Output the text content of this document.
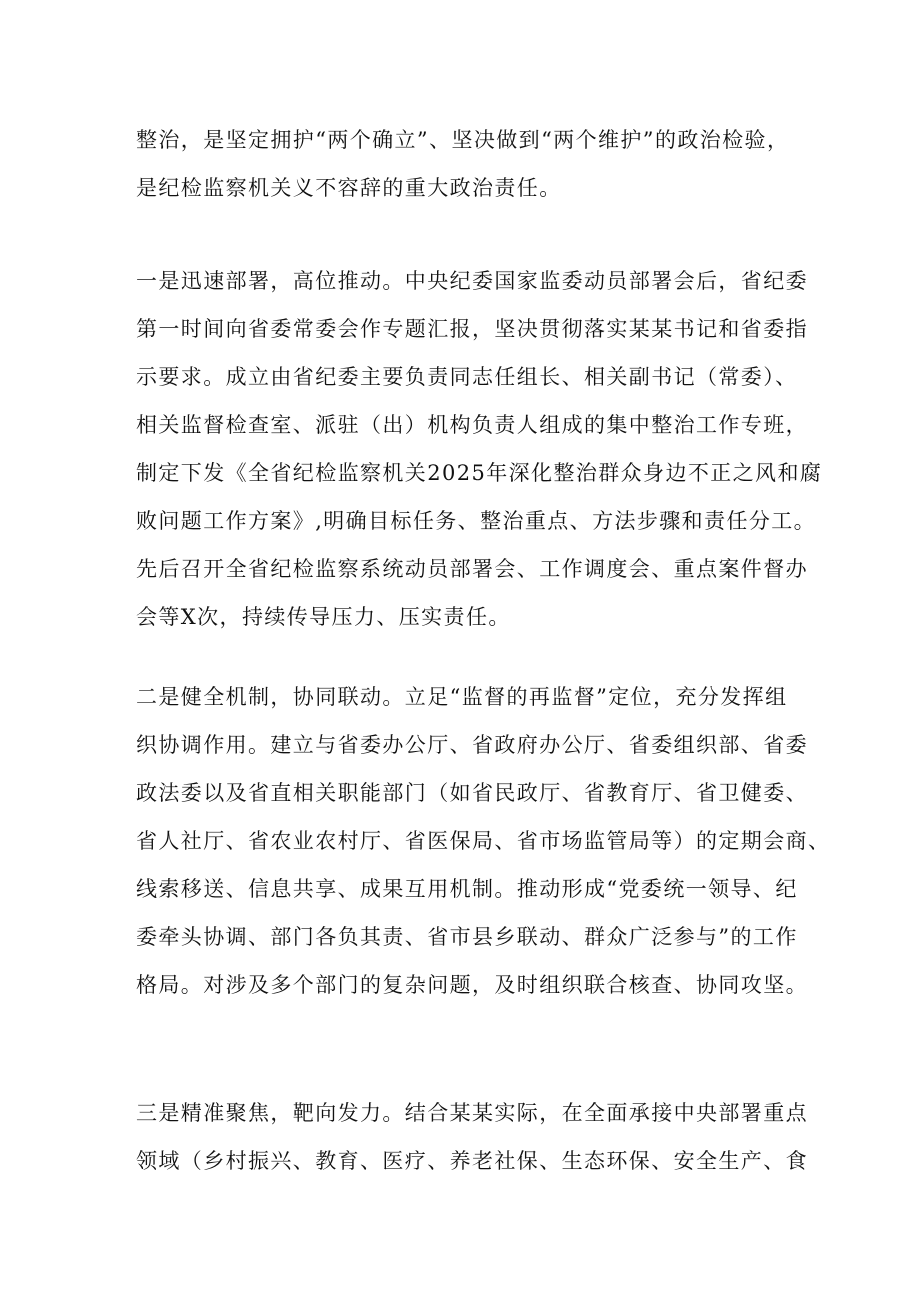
整治，是坚定拥护“两个确立”、坚决做到“两个维护”的政治检验，
是纪检监察机关义不容辞的重大政治责任。
一是迅速部署，高位推动。中央纪委国家监委动员部署会后，省纪委
第一时间向省委常委会作专题汇报，坚决贯彻落实某某书记和省委指
示要求。成立由省纪委主要负责同志任组长、相关副书记（常委）、
相关监督检查室、派驻（出）机构负责人组成的集中整治工作专班，
制定下发《全省纪检监察机关2025年深化整治群众身边不正之风和腐
败问题工作方案》,明确目标任务、整治重点、方法步骤和责任分工。
先后召开全省纪检监察系统动员部署会、工作调度会、重点案件督办
会等X次，持续传导压力、压实责任。
二是健全机制，协同联动。立足“监督的再监督”定位，充分发挥组
织协调作用。建立与省委办公厅、省政府办公厅、省委组织部、省委
政法委以及省直相关职能部门（如省民政厅、省教育厅、省卫健委、
省人社厅、省农业农村厅、省医保局、省市场监管局等）的定期会商、
线索移送、信息共享、成果互用机制。推动形成“党委统一领导、纪
委牵头协调、部门各负其责、省市县乡联动、群众广泛参与”的工作
格局。对涉及多个部门的复杂问题，及时组织联合核查、协同攻坚。
三是精准聚焦，靶向发力。结合某某实际，在全面承接中央部署重点
领域（乡村振兴、教育、医疗、养老社保、生态环保、安全生产、食
